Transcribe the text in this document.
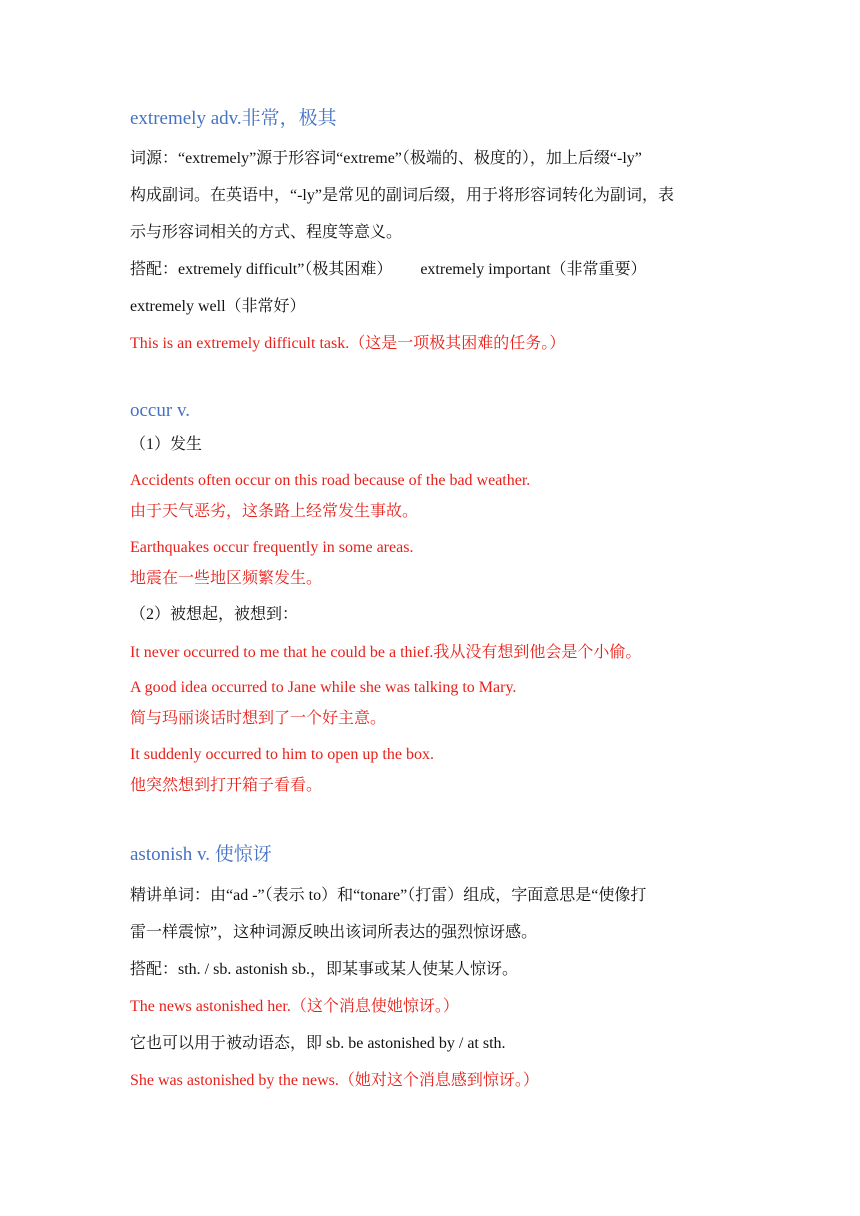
extremely adv.非常，极其
词源：“extremely”源于形容词“extreme”（极端的、极度的），加上后缀“-ly”
构成副词。在英语中，“-ly”是常见的副词后缀，用于将形容词转化为副词，表
示与形容词相关的方式、程度等意义。
搭配：extremely difficult”（极其困难） extremely important（非常重要）
extremely well（非常好）
This is an extremely difficult task.（这是一项极其困难的任务。）
occur v.
（1）发生
Accidents often occur on this road because of the bad weather.
由于天气恶劣，这条路上经常发生事故。
Earthquakes occur frequently in some areas.
地震在一些地区频繁发生。
（2）被想起，被想到：
It never occurred to me that he could be a thief.我从没有想到他会是个小偷。
A good idea occurred to Jane while she was talking to Mary.
简与玛丽谈话时想到了一个好主意。
It suddenly occurred to him to open up the box.
他突然想到打开箱子看看。
astonish v. 使惊讶
精讲单词：由“ad -”（表示 to）和“tonare”（打雷）组成，字面意思是“使像打
雷一样震惊”，这种词源反映出该词所表达的强烈惊讶感。
搭配：sth. / sb. astonish sb.，即某事或某人使某人惊讶。
The news astonished her.（这个消息使她惊讶。）
它也可以用于被动语态，即 sb. be astonished by / at sth.
She was astonished by the news.（她对这个消息感到惊讶。）
